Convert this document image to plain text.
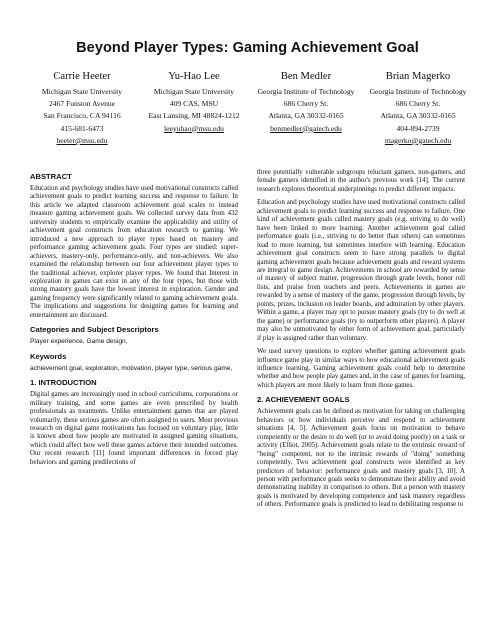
Beyond Player Types: Gaming Achievement Goal
Carrie Heeter
Michigan State University
2467 Funston Avenue
San Francisco, CA 94116
415-681-6473
heeter@msu.edu
Yu-Hao Lee
Michigan State University
409 CAS, MSU
East Lansing, MI 48824-1212
leeyuhao@msu.edu
Ben Medler
Georgia Institute of Technology
686 Cherry St.
Atlanta, GA 30332-0165
benmedler@gatech.edu
Brian Magerko
Georgia Institute of Technology
686 Cherry St.
Atlanta, GA 30332-0165
404-894-2739
magerko@gatech.edu
ABSTRACT
Education and psychology studies have used motivational constructs called achievement goals to predict learning success and response to failure. In this article we adapted classroom achievement goal scales to instead measure gaming achievement goals. We collected survey data from 432 university students to empirically examine the applicability and utility of achievement goal constructs from education research to gaming. We introduced a new approach to player types based on mastery and performance gaming achievement goals. Four types are studied: super-achievers, mastery-only, performance-only, and non-achievers. We also examined the relationship between our four achievement player types to the traditional achiever, explorer player types. We found that Interest in exploration in games can exist in any of the four types, but those with strong mastery goals have the lowest interest in exploration. Gender and gaming frequency were significantly related to gaming achievement goals. The implications and suggestions for designing games for learning and entertainment are discussed.
Categories and Subject Descriptors
Player experience, Game design,
Keywords
achievement goal, exploration, motivation, player type, serious game,
1. INTRODUCTION
Digital games are increasingly used in school curriculums, corporations or military training, and some games are even prescribed by health professionals as treatments. Unlike entertainment games that are played voluntarily, these serious games are often assigned to users. Most previous research on digital game motivations has focused on voluntary play, little is known about how people are motivated in assigned gaming situations, which could affect how well these games achieve their intended outcomes. Our recent research [11] found important differences in forced play behaviors and gaming predilections of
three potentially vulnerable subgroups reluctant gamers, non-gamers, and female gamers identified in the author's previous work [14]. The current research explores theoretical underpinnings to predict different impacts.
Education and psychology studies have used motivational constructs called achievement goals to predict learning success and response to failure. One kind of achievement goals called mastery goals (e.g. striving to do well) have been linked to more learning. Another achievement goal called performance goals (i.e., striving to do better than others) can sometimes lead to more learning, but sometimes interfere with learning. Education achievement goal constructs seem to have strong parallels to digital gaming achievement goals because achievement goals and reward systems are integral to game design. Achievements in school are rewarded by sense of mastery of subject matter, progression through grade levels, honor roll lists, and praise from teachers and peers. Achievements in games are rewarded by a sense of mastery of the game, progression through levels, by points, prizes, inclusion on leader boards, and admiration by other players. Within a game, a player may opt to pursue mastery goals (try to do well at the game) or performance goals (try to outperform other players). A player may also be unmotivated by either form of achievement goal, particularly if play is assigned rather than voluntary.
We used survey questions to explore whether gaming achievement goals influence game play in similar ways to how educational achievement goals influence learning. Gaming achievement goals could help to determine whether and how people play games and, in the case of games for learning, which players are more likely to learn from those games.
2. ACHIEVEMENT GOALS
Achievement goals can be defined as motivation for taking on challenging behaviors or how individuals perceive and respond to achievement situations [4, 5]. Achievement goals focus on motivation to behave competently or the desire to do well (or to avoid doing poorly) on a task or activity (Elliot, 2005). Achievement goals relate to the extrinsic reward of "being" competent, not to the intrinsic rewards of "doing" something competently. Two achievement goal constructs were identified as key predictors of behavior: performance goals and mastery goals [3, 10]. A person with performance goals seeks to demonstrate their ability and avoid demonstrating inability in comparison to others. But a person with mastery goals is motivated by developing competence and task mastery regardless of others. Performance goals is predicted to lead to debilitating response to
